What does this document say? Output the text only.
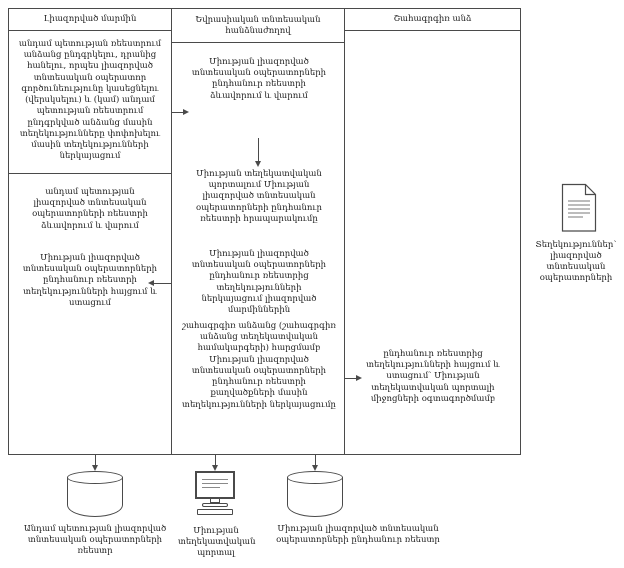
Լիազորված մարմին
անդամ պետության ռեեստրում անձանց ընդգրկելու, դրանից հանելու, որպես լիազորված տնտեսական օպերատոր գործունեությունը կասեցնելու (վերսկսելու) և (կամ) անդամ պետության ռեեստրում ընդգրկված անձանց մասին տեղեկությունները փոփոխելու մասին տեղեկությունների ներկայացում
անդամ պետության լիազորված տնտեսական օպերատորների ռեեստրի ձևավորում և վարում
Միության լիազորված տնտեսական օպերատորների ընդհանուր ռեեստրի տեղեկությունների հայցում և ստացում
Եվրասիական տնտեսական հանձնաժողով
Միության լիազորված տնտեսական օպերատորների ընդհանուր ռեեստրի ձևավորում և վարում
Միության տեղեկատվական պորտալում Միության լիազորված տնտեսական օպերատորների ընդհանուր ռեեստրի հրապարակումը
Միության լիազորված տնտեսական օպերատորների ընդհանուր ռեեստրից տեղեկությունների ներկայացում լիազորված մարմիններին
շահագրգիռ անձանց (շահագրգիռ անձանց տեղեկատվական համակարգերի) հարցմամբ Միության լիազորված տնտեսական օպերատորների ընդհանուր ռեեստրի քաղվածքների մասին տեղեկությունների ներկայացումը
Շահագրգիռ անձ
ընդհանուր ռեեստրից տեղեկությունների հայցում և ստացում՝ Միության տեղեկատվական պորտալի միջոցների օգտագործմամբ
Տեղեկություններ՝ լիազորված տնտեսական օպերատորների
Անդամ պետության լիազորված տնտեսական օպերատորների ռեեստր
Միության տեղեկատվական պորտալ
Միության լիազորված տնտեսական օպերատորների ընդհանուր ռեեստր
